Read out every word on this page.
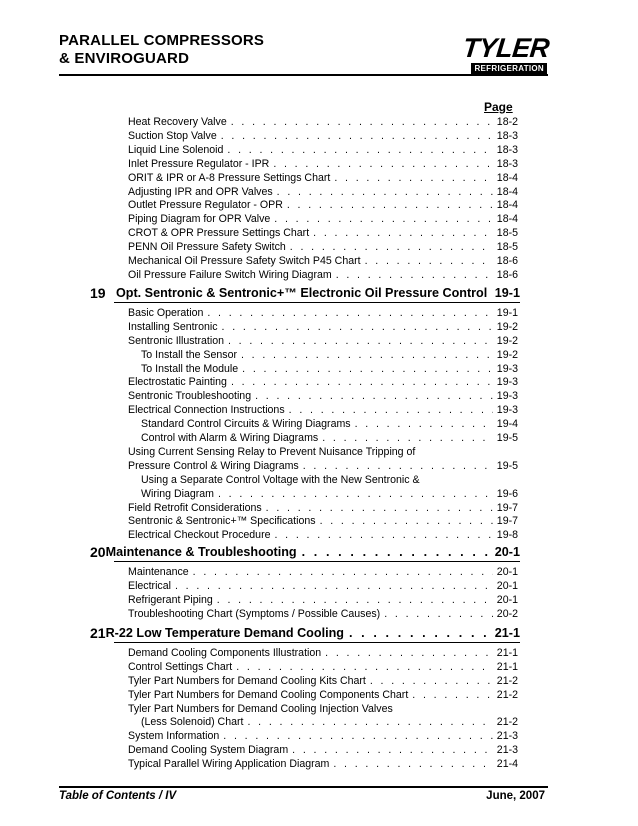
PARALLEL COMPRESSORS
& ENVIROGUARD	TYLER
REFRIGERATION
Page
Heat Recovery Valve . . .	18-2
Suction Stop Valve . . .	18-3
Liquid Line Solenoid . . .	18-3
Inlet Pressure Regulator - IPR . . .	18-3
ORIT & IPR or A-8 Pressure Settings Chart . . .	18-4
Adjusting IPR and OPR Valves . . .	18-4
Outlet Pressure Regulator - OPR . . .	18-4
Piping Diagram for OPR Valve . . .	18-4
CROT & OPR Pressure Settings Chart . . .	18-5
PENN Oil Pressure Safety Switch . . .	18-5
Mechanical Oil Pressure Safety Switch P45 Chart . . .	18-6
Oil Pressure Failure Switch Wiring Diagram . . .	18-6
19 Opt. Sentronic & Sentronic+™ Electronic Oil Pressure Control 19-1
Basic Operation . . .	19-1
Installing Sentronic . . .	19-2
Sentronic Illustration . . .	19-2
To Install the Sensor . . .	19-2
To Install the Module . . .	19-3
Electrostatic Painting . . .	19-3
Sentronic Troubleshooting . . .	19-3
Electrical Connection Instructions . . .	19-3
Standard Control Circuits & Wiring Diagrams . . .	19-4
Control with Alarm & Wiring Diagrams . . .	19-5
Using Current Sensing Relay to Prevent Nuisance Tripping of
Pressure Control & Wiring Diagrams . . .	19-5
Using a Separate Control Voltage with the New Sentronic &
Wiring Diagram . . .	19-6
Field Retrofit Considerations . . .	19-7
Sentronic & Sentronic+™ Specifications . . .	19-7
Electrical Checkout Procedure . . .	19-8
20 Maintenance & Troubleshooting . . .	20-1
Maintenance . . .	20-1
Electrical . . .	20-1
Refrigerant Piping . . .	20-1
Troubleshooting Chart (Symptoms / Possible Causes) . . .	20-2
21 R-22 Low Temperature Demand Cooling . . .	21-1
Demand Cooling Components Illustration . . .	21-1
Control Settings Chart . . .	21-1
Tyler Part Numbers for Demand Cooling Kits Chart . . .	21-2
Tyler Part Numbers for Demand Cooling Components Chart . . .	21-2
Tyler Part Numbers for Demand Cooling Injection Valves
(Less Solenoid) Chart . . .	21-2
System Information . . .	21-3
Demand Cooling System Diagram . . .	21-3
Typical Parallel Wiring Application Diagram . . .	21-4
Table of Contents / IV	June, 2007
